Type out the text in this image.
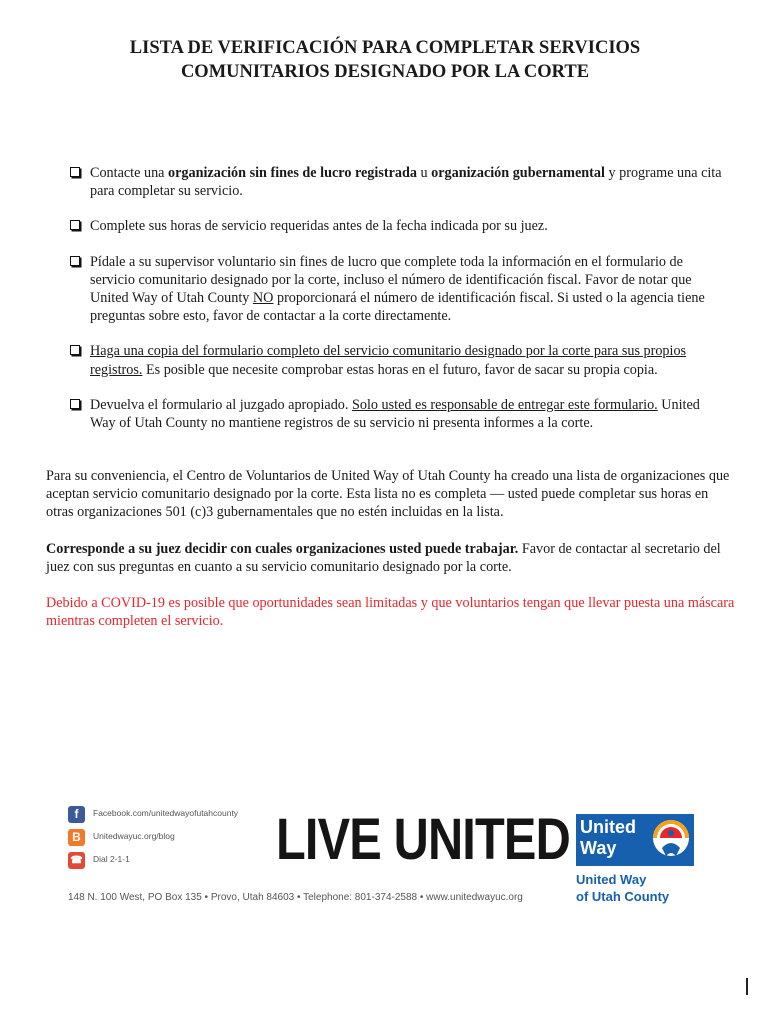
LISTA DE VERIFICACIÓN PARA COMPLETAR SERVICIOS
COMUNITARIOS DESIGNADO POR LA CORTE
Contacte una organización sin fines de lucro registrada u organización gubernamental y programe una cita para completar su servicio.
Complete sus horas de servicio requeridas antes de la fecha indicada por su juez.
Pídale a su supervisor voluntario sin fines de lucro que complete toda la información en el formulario de servicio comunitario designado por la corte, incluso el número de identificación fiscal. Favor de notar que United Way of Utah County NO proporcionará el número de identificación fiscal. Si usted o la agencia tiene preguntas sobre esto, favor de contactar a la corte directamente.
Haga una copia del formulario completo del servicio comunitario designado por la corte para sus propios registros. Es posible que necesite comprobar estas horas en el futuro, favor de sacar su propia copia.
Devuelva el formulario al juzgado apropiado. Solo usted es responsable de entregar este formulario. United Way of Utah County no mantiene registros de su servicio ni presenta informes a la corte.
Para su conveniencia, el Centro de Voluntarios de United Way of Utah County ha creado una lista de organizaciones que aceptan servicio comunitario designado por la corte. Esta lista no es completa — usted puede completar sus horas en otras organizaciones 501 (c)3 gubernamentales que no estén incluidas en la lista.
Corresponde a su juez decidir con cuales organizaciones usted puede trabajar. Favor de contactar al secretario del juez con sus preguntas en cuanto a su servicio comunitario designado por la corte.
Debido a COVID-19 es posible que oportunidades sean limitadas y que voluntarios tengan que llevar puesta una máscara mientras completen el servicio.
f	Facebook.com/unitedwayofutahcounty
B	Unitedwayuc.org/blog
☎ Dial 2-1-1	LIVE UNITED United
Way
United Way
of Utah County
148 N. 100 West, PO Box 135 • Provo, Utah 84603 • Telephone: 801-374-2588 • www.unitedwayuc.org
